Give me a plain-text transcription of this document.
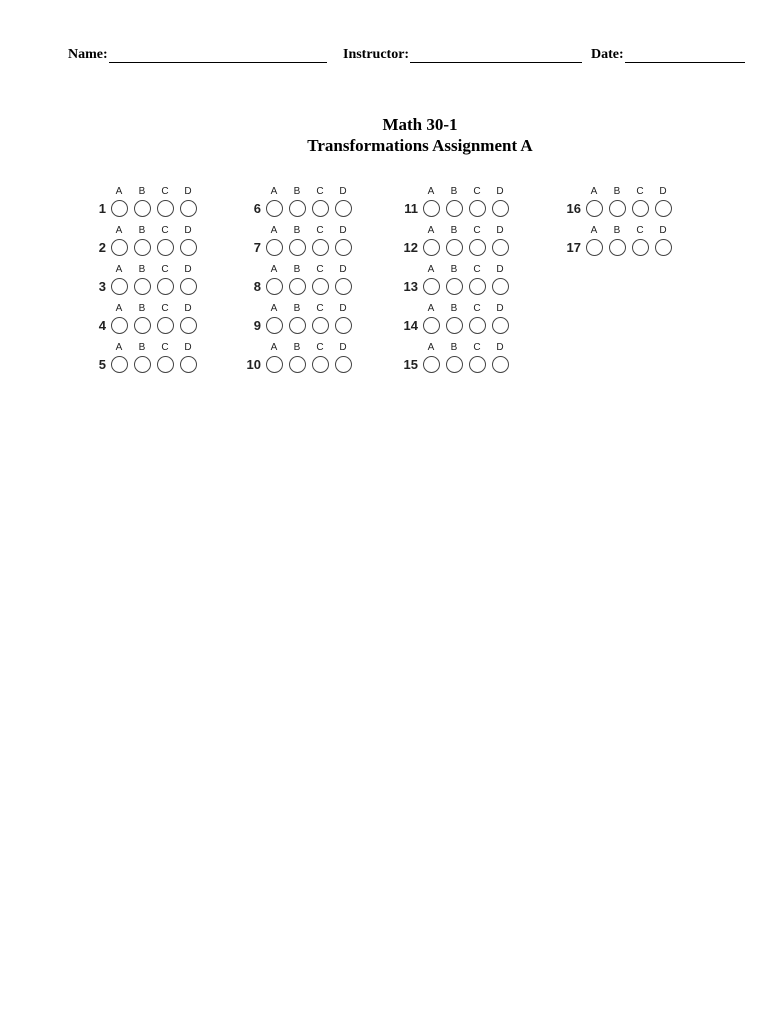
Name:	Instructor:	Date:
Math 30-1
Transformations Assignment A
A	B	C	D
1
A	B	C	D
2
A	B	C	D
3
A	B	C	D
4
A	B	C	D
5
A	B	C	D
6
A	B	C	D
7
A	B	C	D
8
A	B	C	D
9
A	B	C	D
10
A	B	C	D
11
A	B	C	D
12
A	B	C	D
13
A	B	C	D
14
A	B	C	D
15
A	B	C	D
16
A	B	C	D
17
